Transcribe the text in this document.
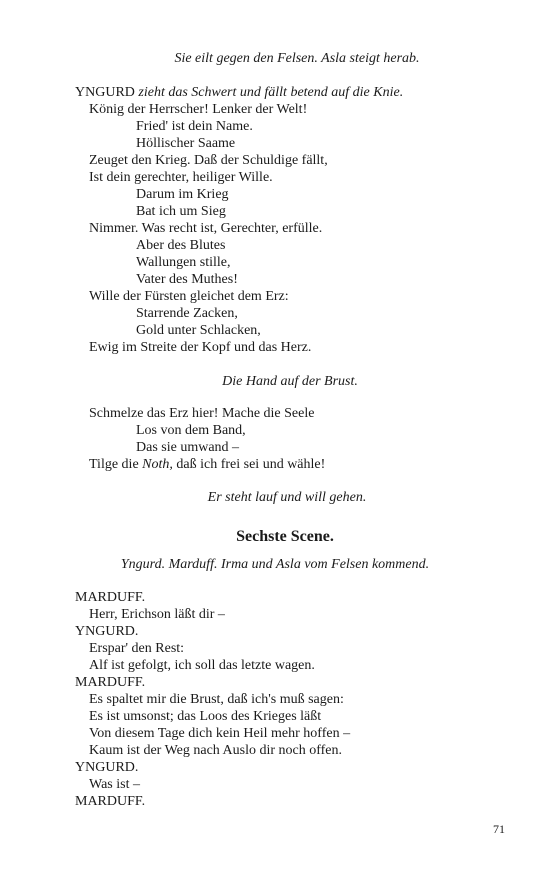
Sie eilt gegen den Felsen. Asla steigt herab.
YNGURD zieht das Schwert und fällt betend auf die Knie.
König der Herrscher! Lenker der Welt!
Fried' ist dein Name.
Höllischer Saame
Zeuget den Krieg. Daß der Schuldige fällt,
Ist dein gerechter, heiliger Wille.
Darum im Krieg
Bat ich um Sieg
Nimmer. Was recht ist, Gerechter, erfülle.
Aber des Blutes
Wallungen stille,
Vater des Muthes!
Wille der Fürsten gleichet dem Erz:
Starrende Zacken,
Gold unter Schlacken,
Ewig im Streite der Kopf und das Herz.
Die Hand auf der Brust.
Schmelze das Erz hier! Mache die Seele
Los von dem Band,
Das sie umwand –
Tilge die Noth, daß ich frei sei und wähle!
Er steht lauf und will gehen.
Sechste Scene.
Yngurd. Marduff. Irma und Asla vom Felsen kommend.
MARDUFF.
Herr, Erichson läßt dir –
YNGURD.
Erspar' den Rest:
Alf ist gefolgt, ich soll das letzte wagen.
MARDUFF.
Es spaltet mir die Brust, daß ich's muß sagen:
Es ist umsonst; das Loos des Krieges läßt
Von diesem Tage dich kein Heil mehr hoffen –
Kaum ist der Weg nach Auslo dir noch offen.
YNGURD.
Was ist –
MARDUFF.
71
